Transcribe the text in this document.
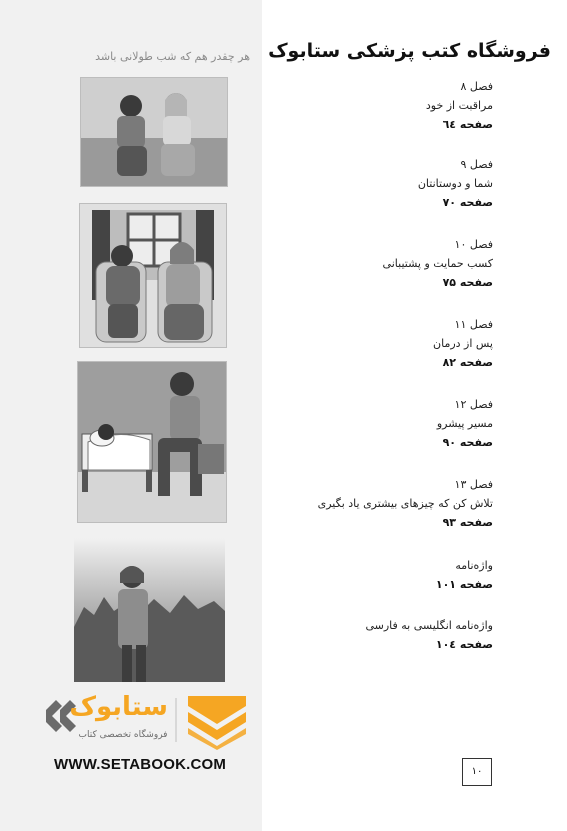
هر چقدر هم که شب طولانی باشد
ستابوک
فروشگاه تخصصی کتاب
WWW.SETABOOK.COM
فروشگاه کتب پزشکی ستابوک
فصل ۸
مراقبت از خود
صفحه ٦٤
فصل ۹
شما و دوستانتان
صفحه ۷۰
فصل ۱۰
کسب حمایت و پشتیبانی
صفحه ۷۵
فصل ۱۱
پس از درمان
صفحه ۸۲
فصل ۱۲
مسیر پیشرو
صفحه ۹۰
فصل ۱۳
تلاش کن که چیزهای بیشتری یاد بگیری
صفحه ۹۳
واژه‌نامه
صفحه ۱۰۱
واژه‌نامه انگلیسی به فارسی
صفحه ۱۰٤
۱۰
